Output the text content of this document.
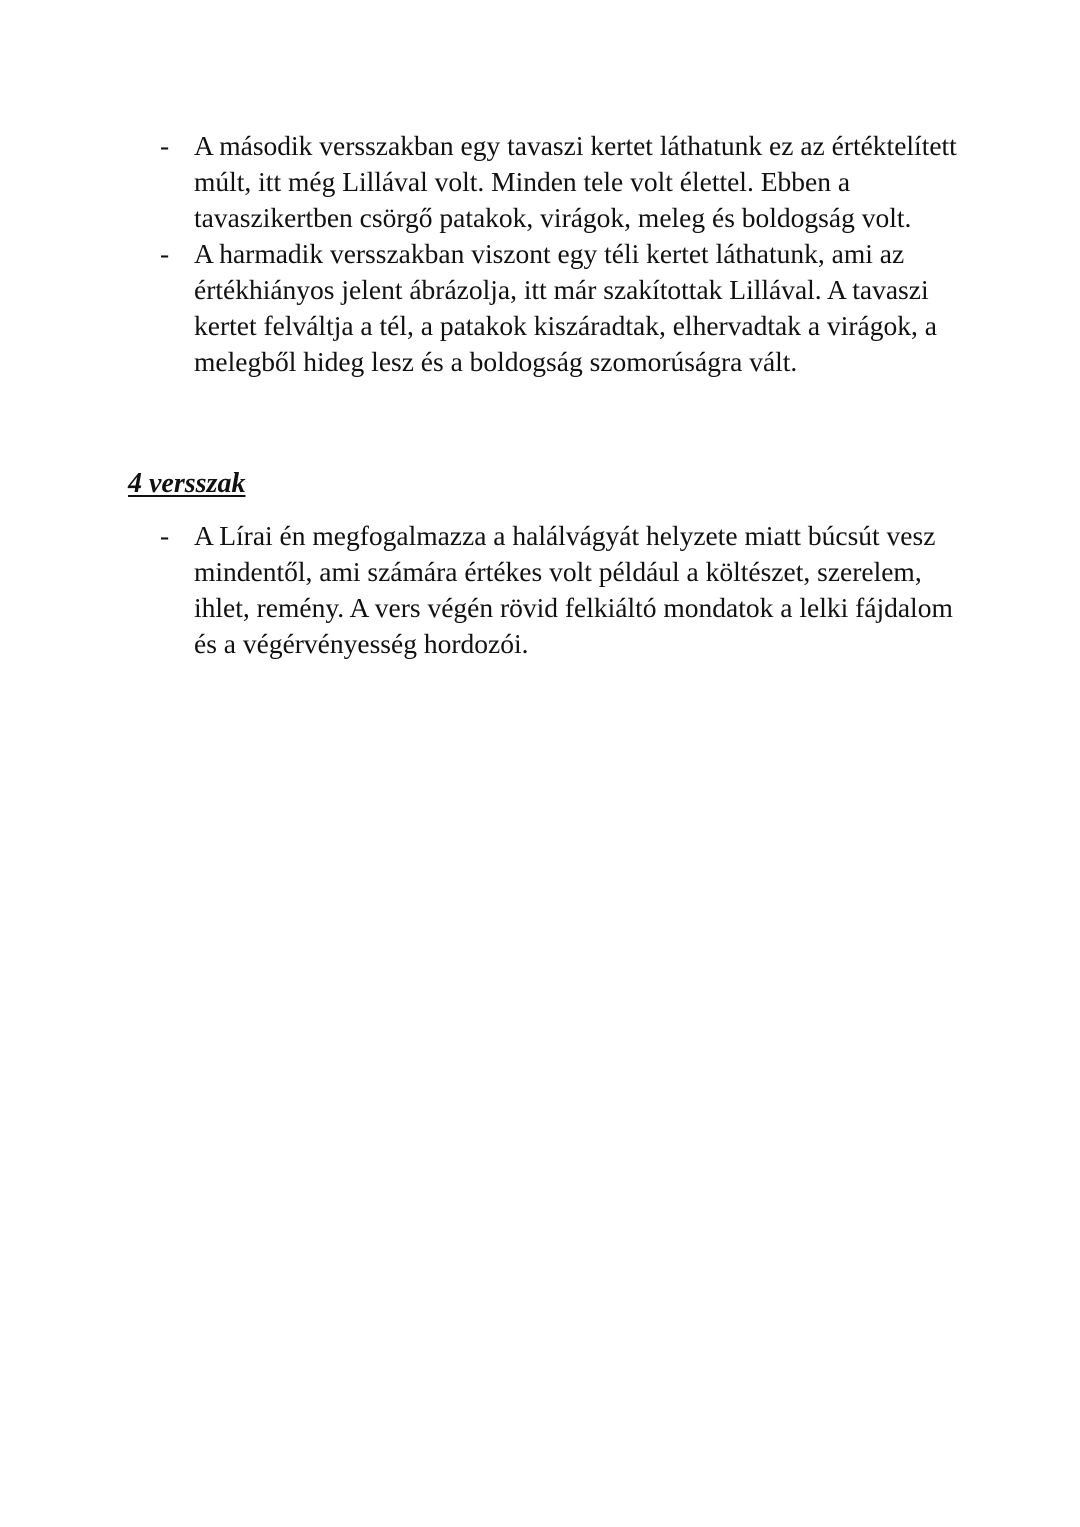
- A második versszakban egy tavaszi kertet láthatunk ez az értéktelített múlt, itt még Lillával volt. Minden tele volt élettel. Ebben a tavaszikertben csörgő patakok, virágok, meleg és boldogság volt.
- A harmadik versszakban viszont egy téli kertet láthatunk, ami az értékhiányos jelent ábrázolja, itt már szakítottak Lillával. A tavaszi kertet felváltja a tél, a patakok kiszáradtak, elhervadtak a virágok, a melegből hideg lesz és a boldogság szomorúságra vált.
4 versszak
- A Lírai én megfogalmazza a halálvágyát helyzete miatt búcsút vesz mindentől, ami számára értékes volt például a költészet, szerelem, ihlet, remény. A vers végén rövid felkiáltó mondatok a lelki fájdalom és a végérvényesség hordozói.
